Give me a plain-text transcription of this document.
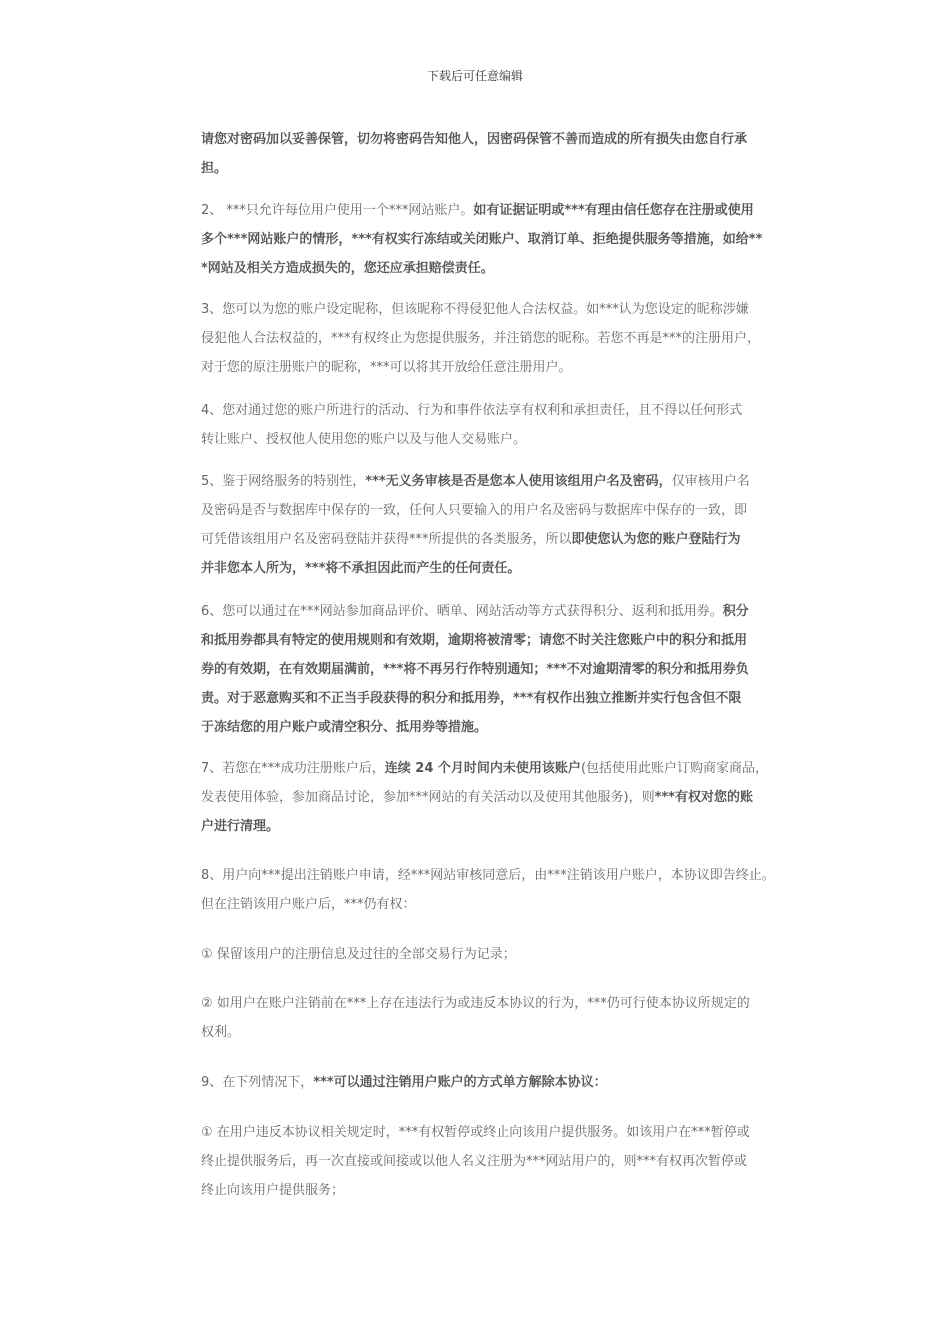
下载后可任意编辑
请您对密码加以妥善保管，切勿将密码告知他人，因密码保管不善而造成的所有损失由您自行承
担。
2、 ***只允许每位用户使用一个***网站账户。如有证据证明或***有理由信任您存在注册或使用
多个***网站账户的情形，***有权实行冻结或关闭账户、取消订单、拒绝提供服务等措施，如给**
*网站及相关方造成损失的，您还应承担赔偿责任。
3、您可以为您的账户设定昵称，但该昵称不得侵犯他人合法权益。如***认为您设定的昵称涉嫌
侵犯他人合法权益的，***有权终止为您提供服务，并注销您的昵称。若您不再是***的注册用户，
对于您的原注册账户的昵称，***可以将其开放给任意注册用户。
4、您对通过您的账户所进行的活动、行为和事件依法享有权利和承担责任，且不得以任何形式
转让账户、授权他人使用您的账户以及与他人交易账户。
5、鉴于网络服务的特别性，***无义务审核是否是您本人使用该组用户名及密码，仅审核用户名
及密码是否与数据库中保存的一致，任何人只要输入的用户名及密码与数据库中保存的一致，即
可凭借该组用户名及密码登陆并获得***所提供的各类服务，所以即使您认为您的账户登陆行为
并非您本人所为，***将不承担因此而产生的任何责任。
6、您可以通过在***网站参加商品评价、晒单、网站活动等方式获得积分、返利和抵用券。积分
和抵用券都具有特定的使用规则和有效期，逾期将被清零；请您不时关注您账户中的积分和抵用
券的有效期，在有效期届满前，***将不再另行作特别通知；***不对逾期清零的积分和抵用券负
责。对于恶意购买和不正当手段获得的积分和抵用券，***有权作出独立推断并实行包含但不限
于冻结您的用户账户或清空积分、抵用券等措施。
7、若您在***成功注册账户后，连续 24 个月时间内未使用该账户(包括使用此账户订购商家商品，
发表使用体验，参加商品讨论，参加***网站的有关活动以及使用其他服务)，则***有权对您的账
户进行清理。
8、用户向***提出注销账户申请，经***网站审核同意后，由***注销该用户账户，本协议即告终止。
但在注销该用户账户后，***仍有权：
① 保留该用户的注册信息及过往的全部交易行为记录；
② 如用户在账户注销前在***上存在违法行为或违反本协议的行为，***仍可行使本协议所规定的
权利。
9、在下列情况下，***可以通过注销用户账户的方式单方解除本协议：
① 在用户违反本协议相关规定时，***有权暂停或终止向该用户提供服务。如该用户在***暂停或
终止提供服务后，再一次直接或间接或以他人名义注册为***网站用户的，则***有权再次暂停或
终止向该用户提供服务；
